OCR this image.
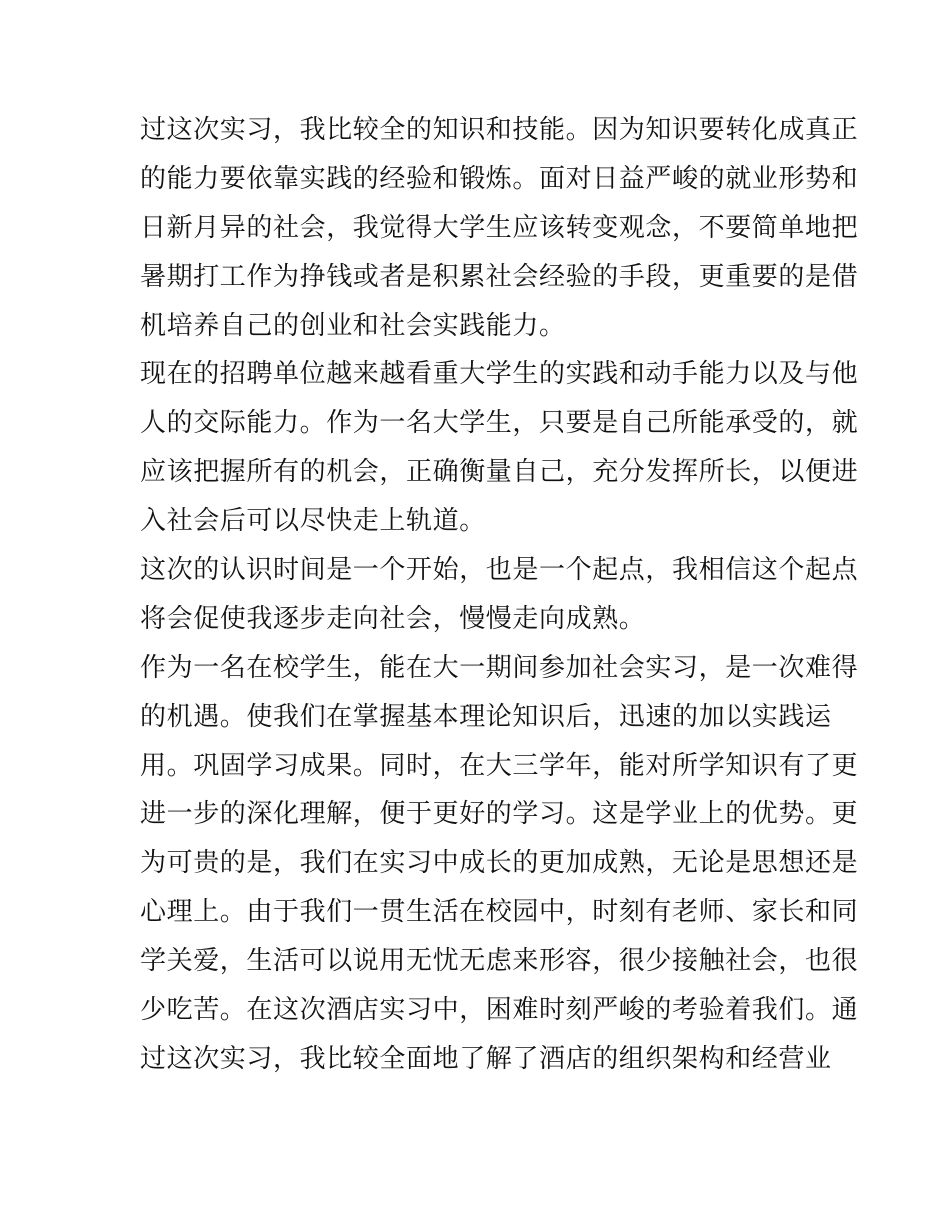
过这次实习，我比较全的知识和技能。因为知识要转化成真正
的能力要依靠实践的经验和锻炼。面对日益严峻的就业形势和
日新月异的社会，我觉得大学生应该转变观念，不要简单地把
暑期打工作为挣钱或者是积累社会经验的手段，更重要的是借
机培养自己的创业和社会实践能力。
现在的招聘单位越来越看重大学生的实践和动手能力以及与他
人的交际能力。作为一名大学生，只要是自己所能承受的，就
应该把握所有的机会，正确衡量自己，充分发挥所长，以便进
入社会后可以尽快走上轨道。
这次的认识时间是一个开始，也是一个起点，我相信这个起点
将会促使我逐步走向社会，慢慢走向成熟。
作为一名在校学生，能在大一期间参加社会实习，是一次难得
的机遇。使我们在掌握基本理论知识后，迅速的加以实践运
用。巩固学习成果。同时，在大三学年，能对所学知识有了更
进一步的深化理解，便于更好的学习。这是学业上的优势。更
为可贵的是，我们在实习中成长的更加成熟，无论是思想还是
心理上。由于我们一贯生活在校园中，时刻有老师、家长和同
学关爱，生活可以说用无忧无虑来形容，很少接触社会，也很
少吃苦。在这次酒店实习中，困难时刻严峻的考验着我们。通
过这次实习，我比较全面地了解了酒店的组织架构和经营业
